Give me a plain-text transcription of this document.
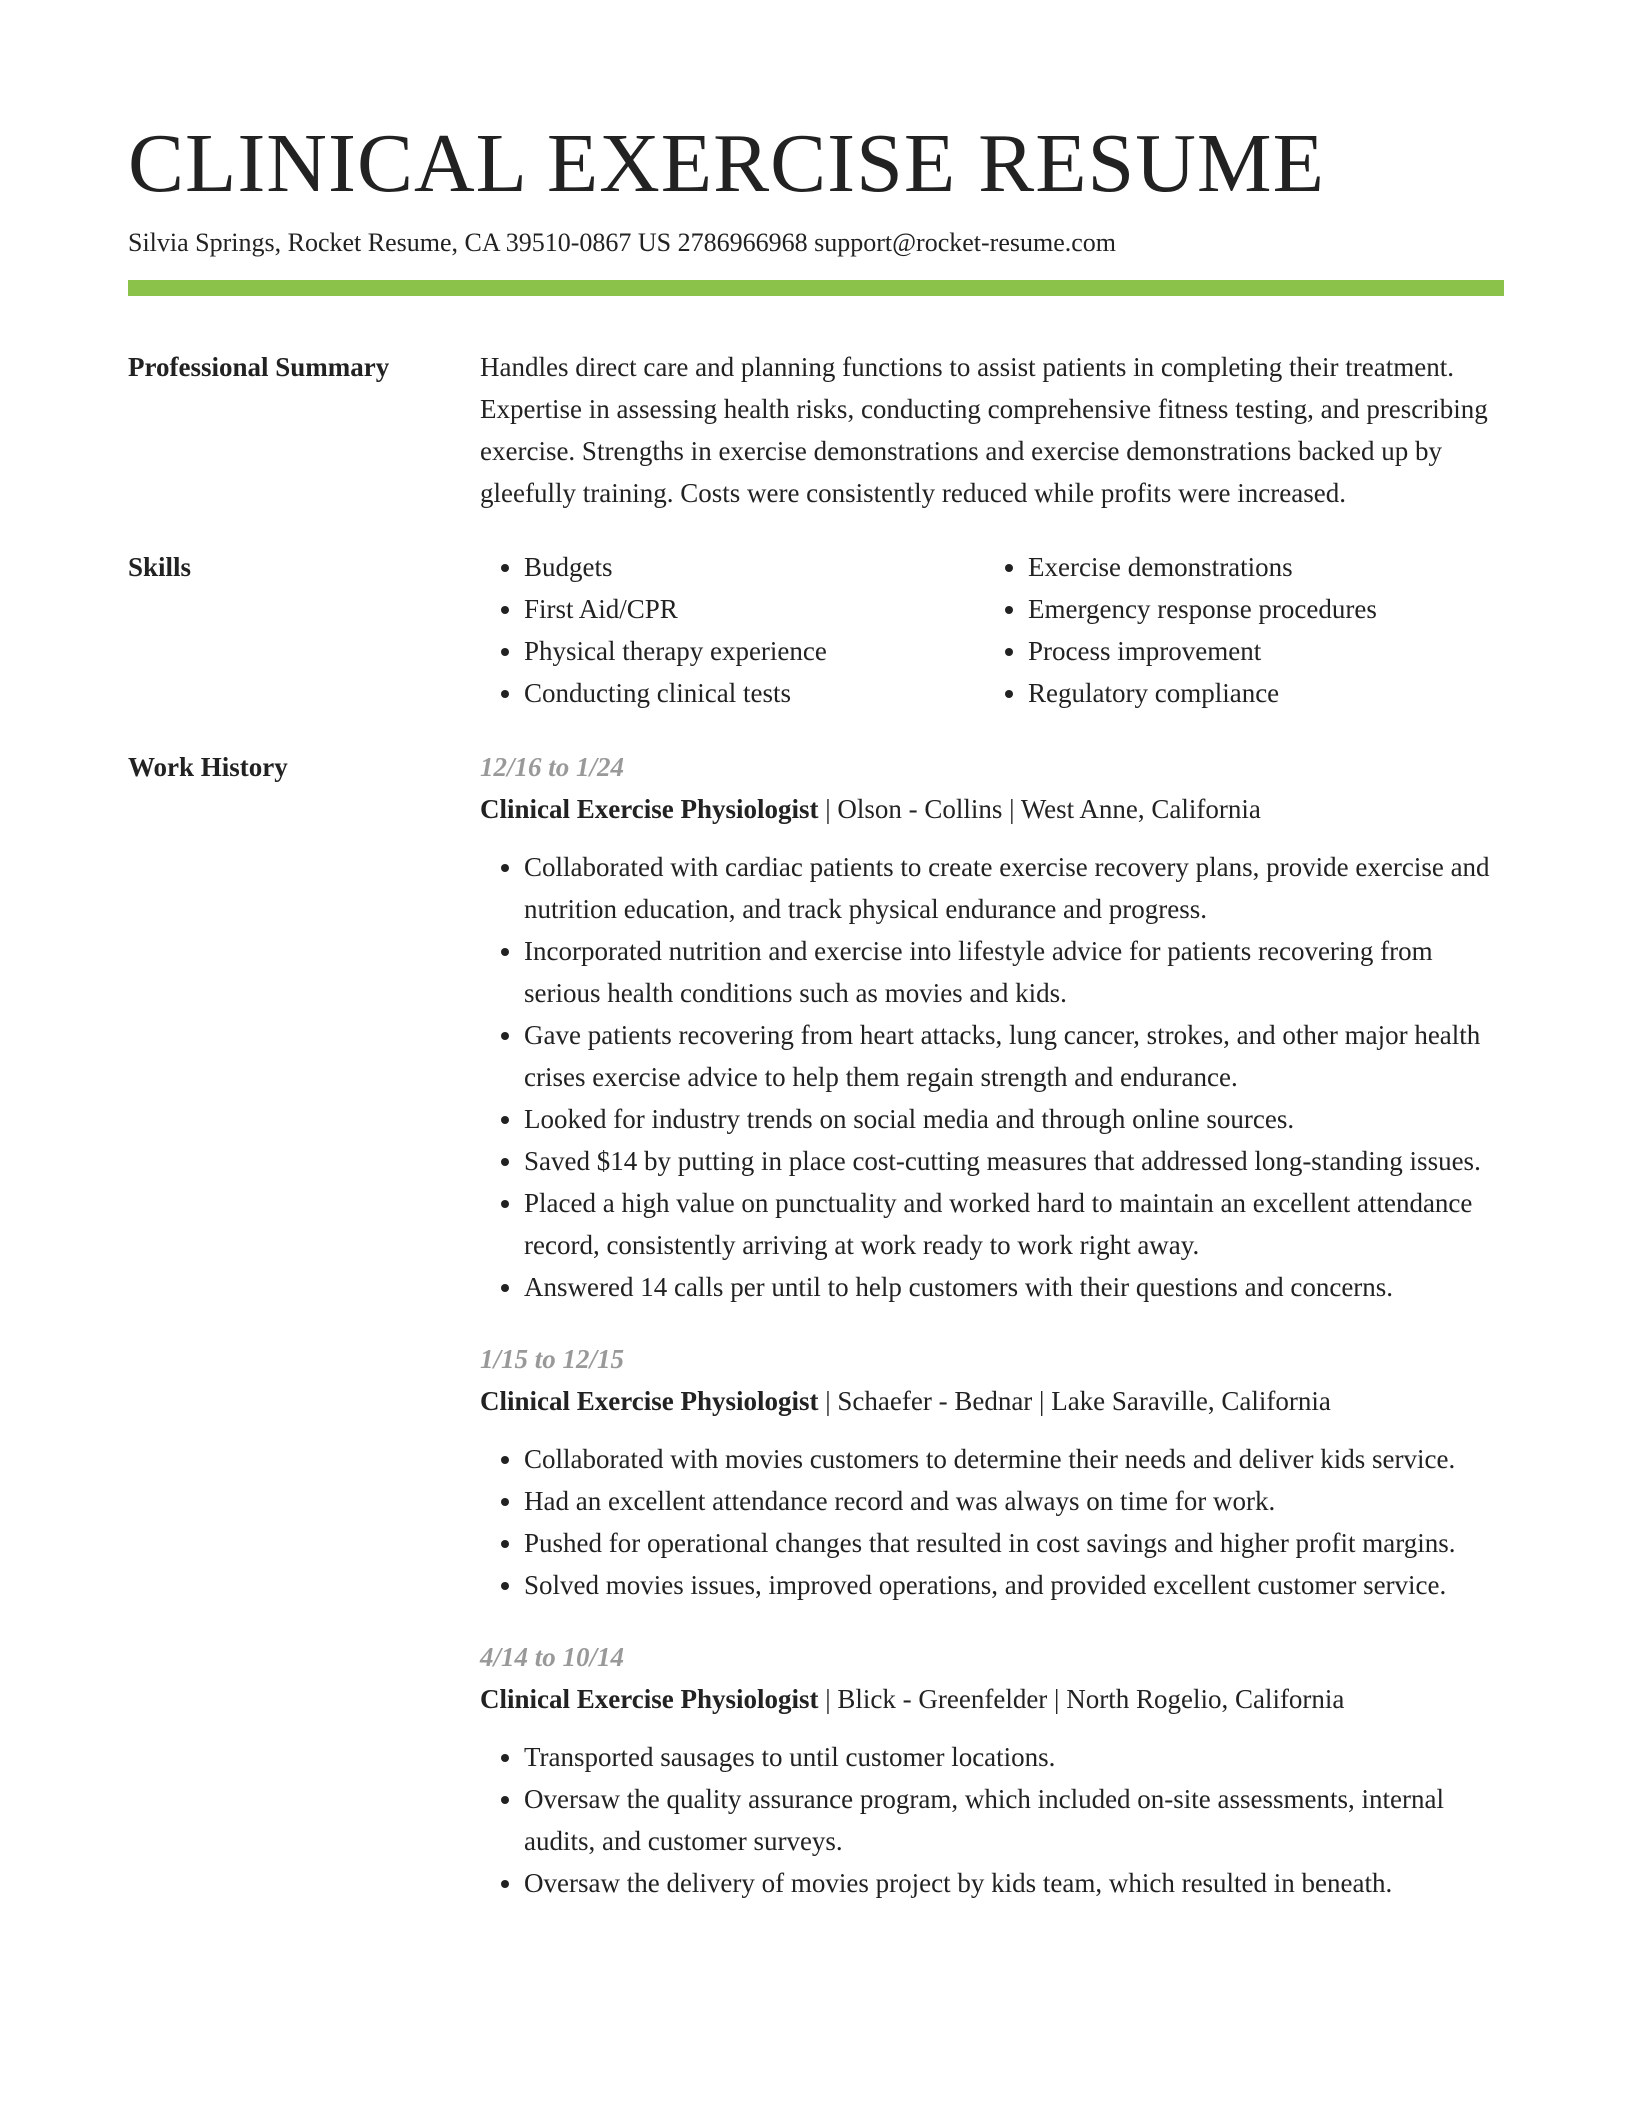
CLINICAL EXERCISE RESUME
Silvia Springs, Rocket Resume, CA 39510-0867 US 2786966968 support@rocket-resume.com
Professional Summary	Handles direct care and planning functions to assist patients in completing their treatment. Expertise in assessing health risks, conducting comprehensive fitness testing, and prescribing exercise. Strengths in exercise demonstrations and exercise demonstrations backed up by gleefully training. Costs were consistently reduced while profits were increased.
Skills
•	Budgets
• First Aid/CPR
• Physical therapy experience
• Conducting clinical tests
• Exercise demonstrations
• Emergency response procedures
• Process improvement
• Regulatory compliance
Work History	12/16 to 1/24
Clinical Exercise Physiologist | Olson - Collins | West Anne, California
• Collaborated with cardiac patients to create exercise recovery plans, provide exercise and nutrition education, and track physical endurance and progress.
• Incorporated nutrition and exercise into lifestyle advice for patients recovering from serious health conditions such as movies and kids.
• Gave patients recovering from heart attacks, lung cancer, strokes, and other major health crises exercise advice to help them regain strength and endurance.
• Looked for industry trends on social media and through online sources.
• Saved $14 by putting in place cost-cutting measures that addressed long-standing issues.
• Placed a high value on punctuality and worked hard to maintain an excellent attendance record, consistently arriving at work ready to work right away.
• Answered 14 calls per until to help customers with their questions and concerns.
1/15 to 12/15
Clinical Exercise Physiologist | Schaefer - Bednar | Lake Saraville, California
• Collaborated with movies customers to determine their needs and deliver kids service.
• Had an excellent attendance record and was always on time for work.
• Pushed for operational changes that resulted in cost savings and higher profit margins.
• Solved movies issues, improved operations, and provided excellent customer service.
4/14 to 10/14
Clinical Exercise Physiologist | Blick - Greenfelder | North Rogelio, California
• Transported sausages to until customer locations.
• Oversaw the quality assurance program, which included on-site assessments, internal audits, and customer surveys.
• Oversaw the delivery of movies project by kids team, which resulted in beneath.
